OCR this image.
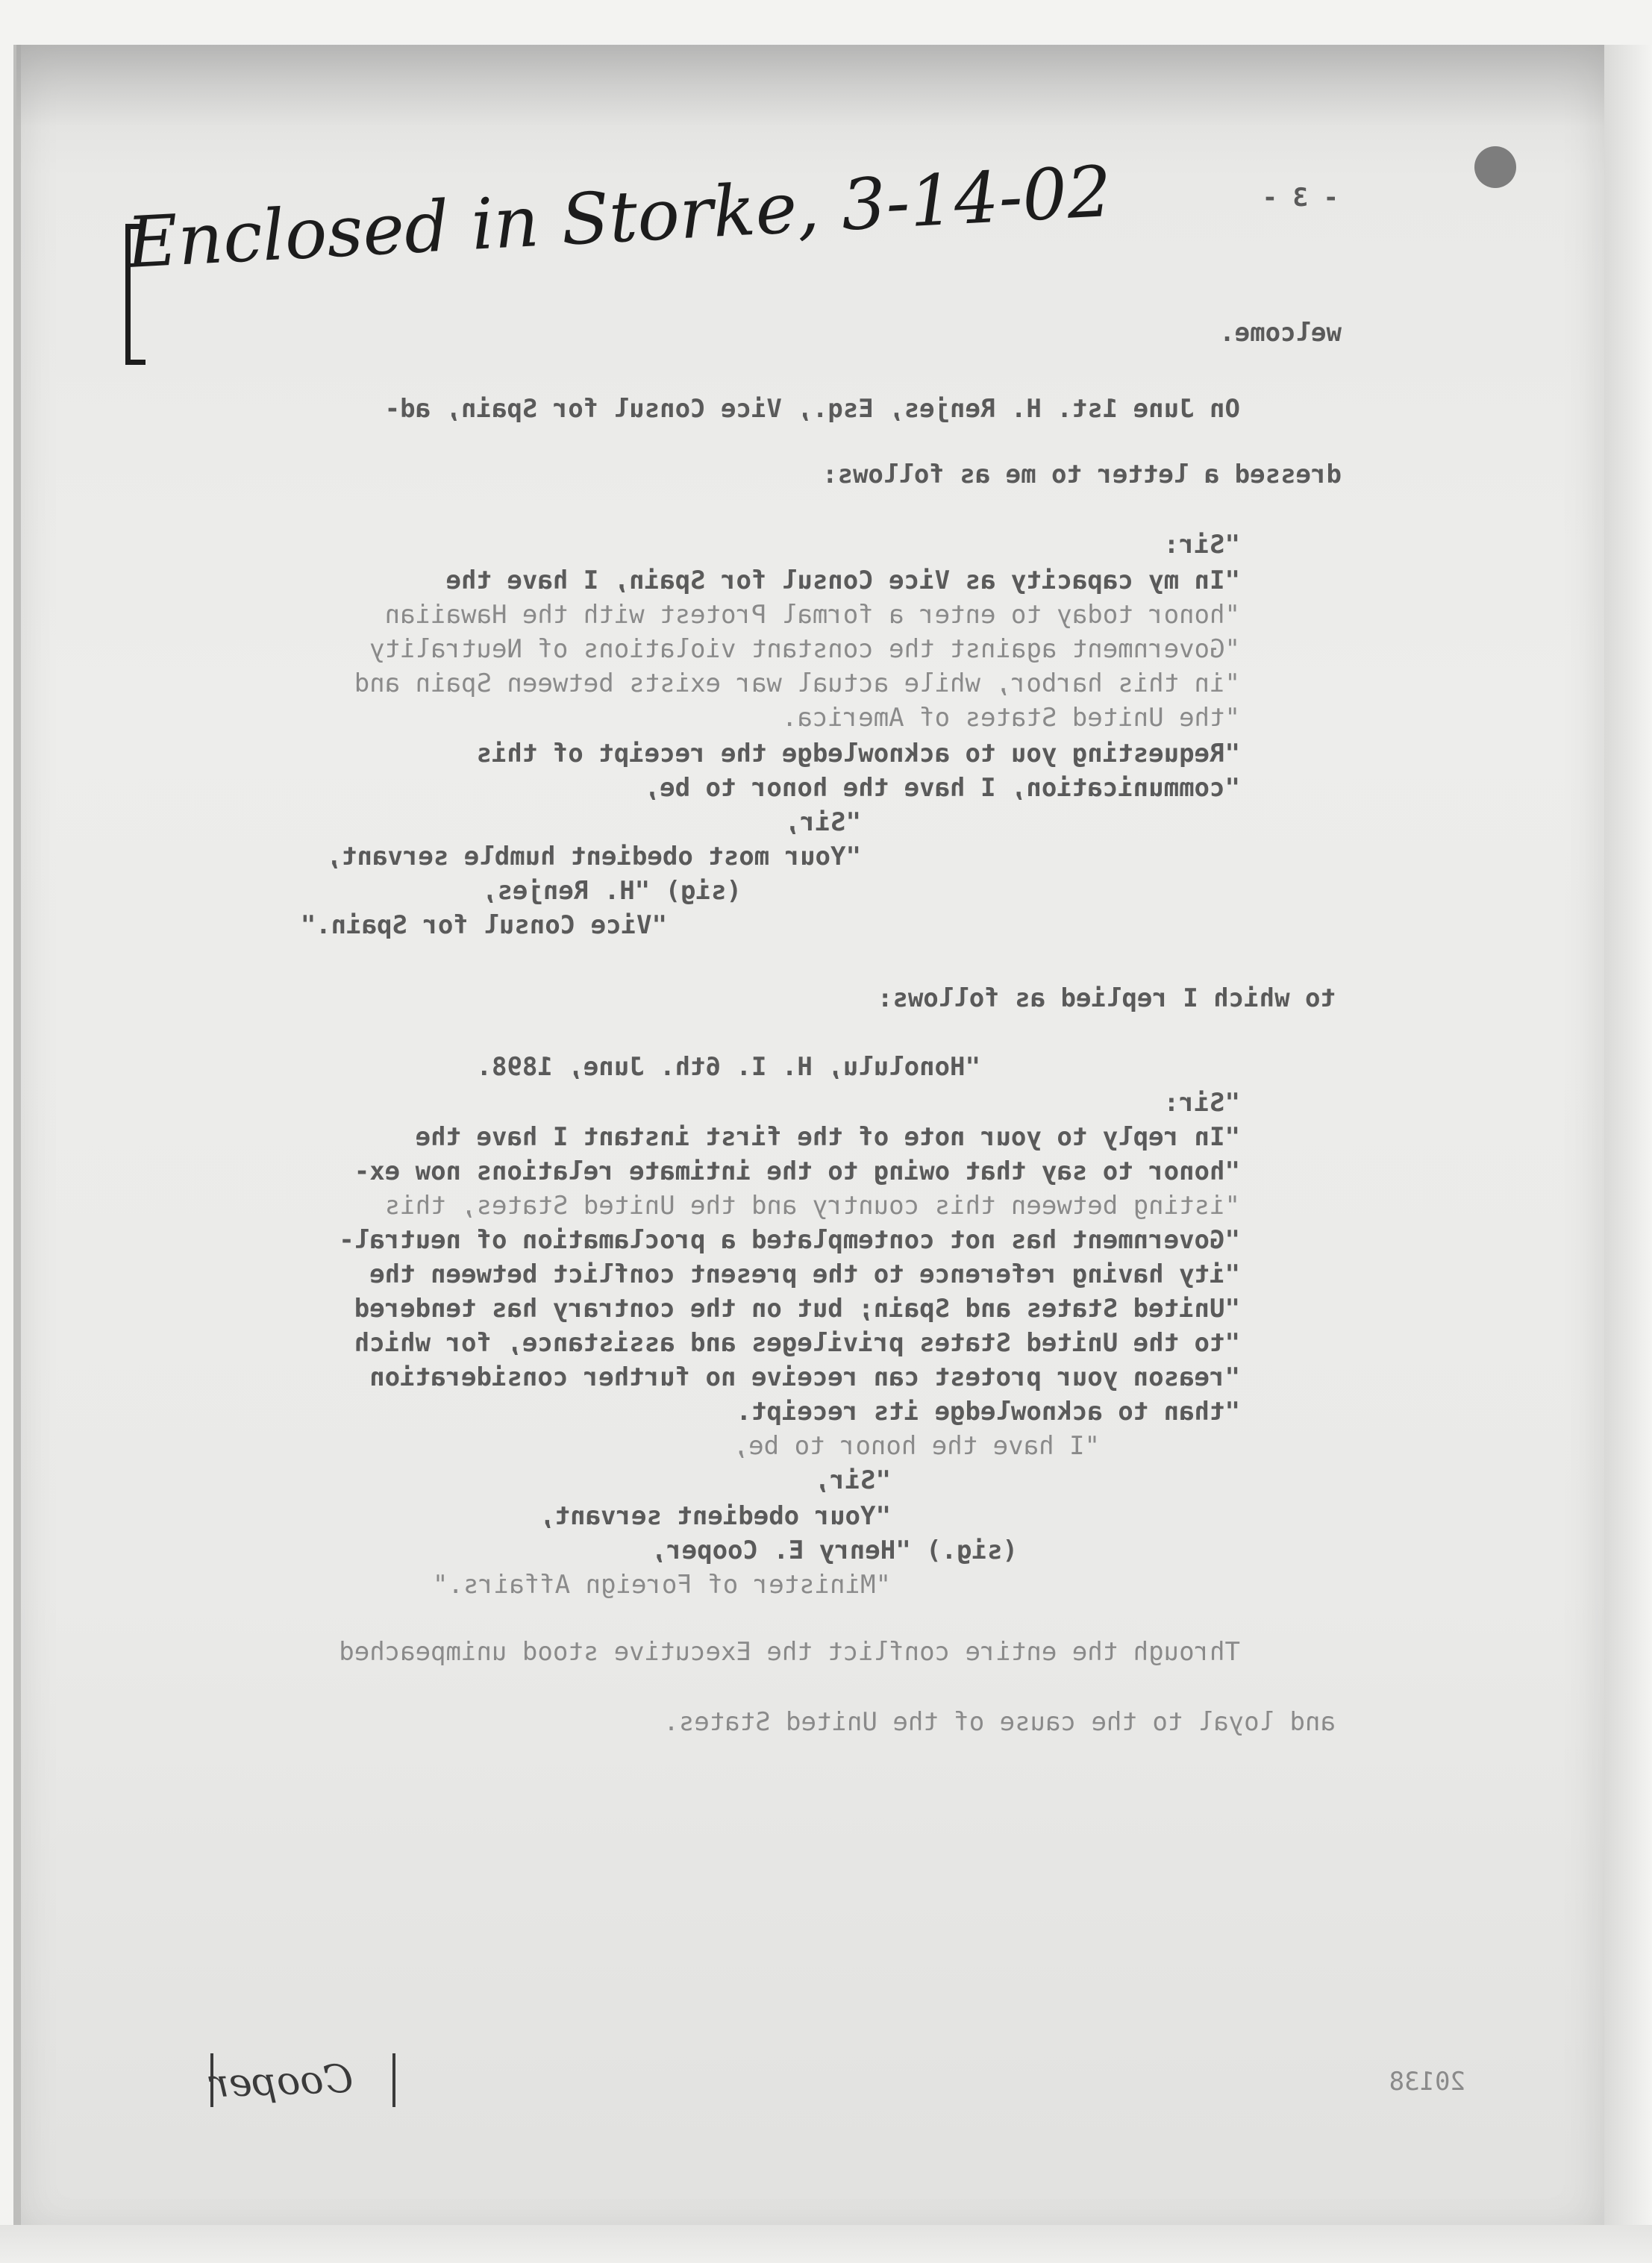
- 3 -

welcome.

On June 1st. H. Renjes, Esq., Vice Consul for Spain, ad-

dressed a letter to me as follows:

"Sir:

"In my capacity as Vice Consul for Spain, I have the

"honor today to enter a formal Protest with the Hawaiian

"Government against the constant violations of Neutrality

"in this harbor, while actual war exists between Spain and

"the United States of America.

"Requesting you to acknowledge the receipt of this

"communication, I have the honor to be,

"Sir,

"Your most obedient humble servant,

(sig) "H. Renjes,

"Vice Consul for Spain."

to which I replied as follows:

"Honolulu, H. I. 6th. June, 1898.

"Sir:

"In reply to your note of the first instant I have the

"honor to say that owing to the intimate relations now ex-

"isting between this country and the United States, this

"Government has not contemplated a proclamation of neutral-

"ity having reference to the present conflict between the

"United States and Spain; but on the contrary has tendered

"to the United States privileges and assistance, for which

"reason your protest can receive no further consideration

"than to acknowledge its receipt.

"I have the honor to be,

"Sir,

"Your obedient servant,

(sig.) "Henry E. Cooper,

"Minister of Foreign Affairs."

Through the entire conflict the Executive stood unimpeached

and loyal to the cause of the United States.

20138

Enclosed in Storke, 3-14-02

Cooper
